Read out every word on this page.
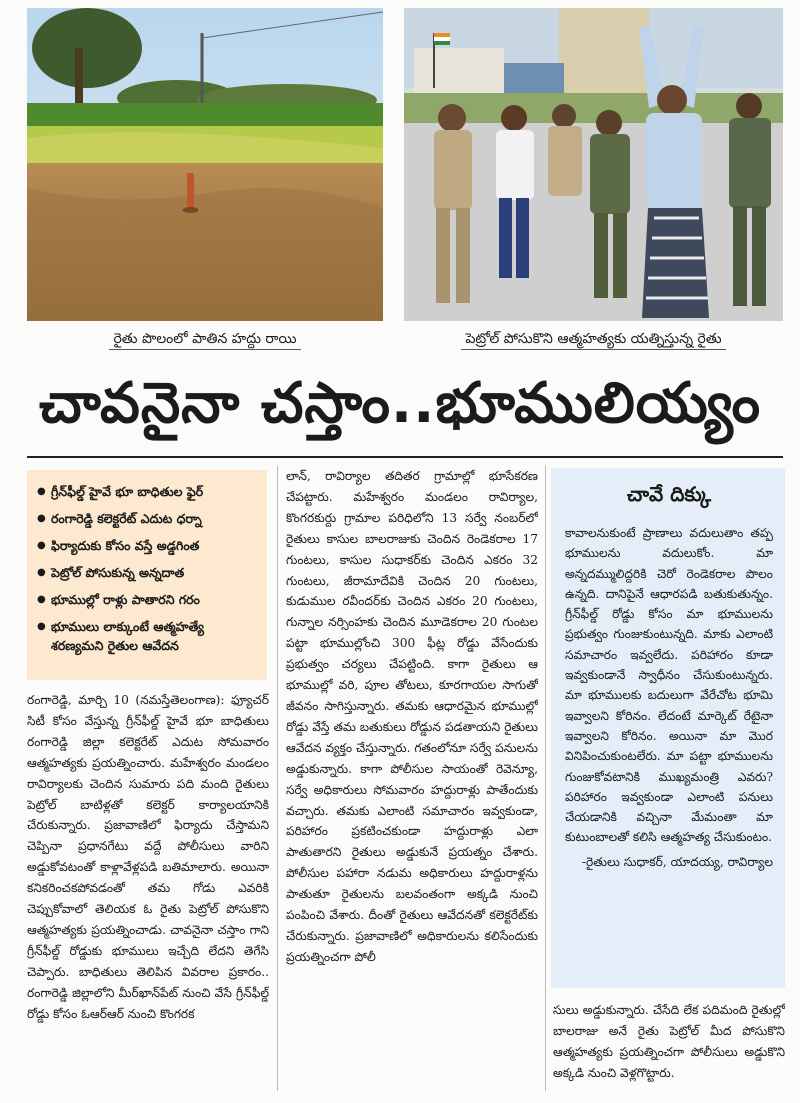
రైతు పొలంలో పాతిన హద్దు రాయి	పెట్రోల్‌ పోసుకొని ఆత్మహత్యకు యత్నిస్తున్న రైతు
చావనైనా చస్తాం..భూములియ్యం
● గ్రీన్‌ఫీల్డ్‌ హైవే భూ బాధితుల ఫైర్‌
● రంగారెడ్డి కలెక్టరేట్‌ ఎదుట ధర్నా
● ఫిర్యాదుకు కోసం వస్తే అడ్డగింత
● పెట్రోల్‌ పోసుకున్న అన్నదాత
● భూముల్లో రాళ్లు పాతారని గరం
● భూములు లాక్కుంటే ఆత్మహత్యే శరణ్యమని రైతుల ఆవేదన
రంగారెడ్డి, మార్చి 10 (నమస్తేతెలంగాణ): ఫ్యూచర్‌ సిటీ కోసం వేస్తున్న గ్రీన్‌ఫీల్డ్‌ హైవే భూ బాధితులు రంగారెడ్డి జిల్లా కలెక్టరేట్‌ ఎదుట సోమవారం ఆత్మహత్యకు ప్రయత్నించారు. మహేశ్వరం మండలం రావిర్యాలకు చెందిన సుమారు పది మంది రైతులు పెట్రోల్‌ బాటిళ్లతో కలెక్టర్‌ కార్యాలయానికి చేరుకున్నారు. ప్రజావాణిలో ఫిర్యాదు చేస్తామని చెప్పినా ప్రధానగేటు వద్దే పోలీసులు వారిని అడ్డుకోవటంతో కాళ్లావేళ్లపడి బతిమాలారు. అయినా కనికరించకపోవడంతో తమ గోడు ఎవరికి చెప్పుకోవాలో తెలియక ఓ రైతు పెట్రోల్‌ పోసుకొని ఆత్మహత్యకు ప్రయత్నించాడు. చావనైనా చస్తాం గాని గ్రీన్‌ఫీల్డ్‌ రోడ్డుకు భూములు ఇచ్చేది లేదని తెగేసి చెప్పారు. బాధితులు తెలిపిన వివరాల ప్రకారం.. రంగారెడ్డి జిల్లాలోని మీర్‌ఖాన్‌పేట్‌ నుంచి వేసే గ్రీన్‌ఫీల్డ్‌ రోడ్డు కోసం ఓఆర్‌ఆర్‌ నుంచి కొంగరక
లాన్‌, రావిర్యాల తదితర గ్రామాల్లో భూసేకరణ చేపట్టారు. మహేశ్వరం మండలం రావిర్యాల, కొంగరకుర్దు గ్రామాల పరిధిలోని 13 సర్వే నంబర్‌లో రైతులు కాసుల బాలరాజుకు చెందిన రెండెకరాల 17 గుంటలు, కాసుల సుధాకర్‌కు చెందిన ఎకరం 32 గుంటలు, జీరామాదేవికి చెందిన 20 గుంటలు, కుడుముల రవీందర్‌కు చెందిన ఎకరం 20 గుంటలు, గున్నాల నర్సింహకు చెందిన మూడెకరాల 20 గుంటల పట్టా భూముల్లోంచి 300 ఫీట్ల రోడ్డు వేసేందుకు ప్రభుత్వం చర్యలు చేపట్టింది. కాగా రైతులు ఆ భూముల్లో వరి, పూల తోటలు, కూరగాయల సాగుతో జీవనం సాగిస్తున్నారు. తమకు ఆధారమైన భూముల్లో రోడ్డు వేస్తే తమ బతుకులు రోడ్డున పడతాయని రైతులు ఆవేదన వ్యక్తం చేస్తున్నారు. గతంలోనూ సర్వే పనులను అడ్డుకున్నారు. కాగా పోలీసుల సాయంతో రెవెన్యూ, సర్వే అధికారులు సోమవారం హద్దురాళ్లు పాతేందుకు వచ్చారు. తమకు ఎలాంటి సమాచారం ఇవ్వకుండా, పరిహారం ప్రకటించకుండా హద్దురాళ్లు ఎలా పాతుతారని రైతులు అడ్డుకునే ప్రయత్నం చేశారు. పోలీసుల పహారా నడుమ అధికారులు హద్దురాళ్లను పాతుతూ రైతులను బలవంతంగా అక్కడి నుంచి పంపించి వేశారు. దీంతో రైతులు ఆవేదనతో కలెక్టరేట్‌కు చేరుకున్నారు. ప్రజావాణిలో అధికారులను కలిసేందుకు ప్రయత్నించగా పోలీ
చావే దిక్కు
కావాలనుకుంటే ప్రాణాలు వదులుతాం తప్ప భూములను వదులుకోం. మా అన్నదమ్ములిద్దరికి చెరో రెండెకరాల పొలం ఉన్నది. దానిపైనే ఆధారపడి బతుకుతున్నం. గ్రీన్‌ఫీల్డ్‌ రోడ్డు కోసం మా భూములను ప్రభుత్వం గుంజుకుంటున్నది. మాకు ఎలాంటి సమాచారం ఇవ్వలేదు. పరిహారం కూడా ఇవ్వకుండానే స్వాధీనం చేసుకుంటున్నరు. మా భూములకు బదులుగా వేరేచోట భూమి ఇవ్వాలని కోరినం. లేదంటే మార్కెట్‌ రేటైనా ఇవ్వాలని కోరినం. అయినా మా మొర వినిపించుకుంటలేరు. మా పట్టా భూములను గుంజుకోవటానికి ముఖ్యమంత్రి ఎవరు? పరిహారం ఇవ్వకుండా ఎలాంటి పనులు చేయడానికి వచ్చినా మేమంతా మా కుటుంబాలతో కలిసి ఆత్మహత్య చేసుకుంటం.
-రైతులు సుధాకర్‌, యాదయ్య, రావిర్యాల
సులు అడ్డుకున్నారు. చేసేది లేక పదిమంది రైతుల్లో బాలరాజు అనే రైతు పెట్రోల్‌ మీద పోసుకొని ఆత్మహత్యకు ప్రయత్నించగా పోలీసులు అడ్డుకొని అక్కడి నుంచి వెళ్లగొట్టారు.
